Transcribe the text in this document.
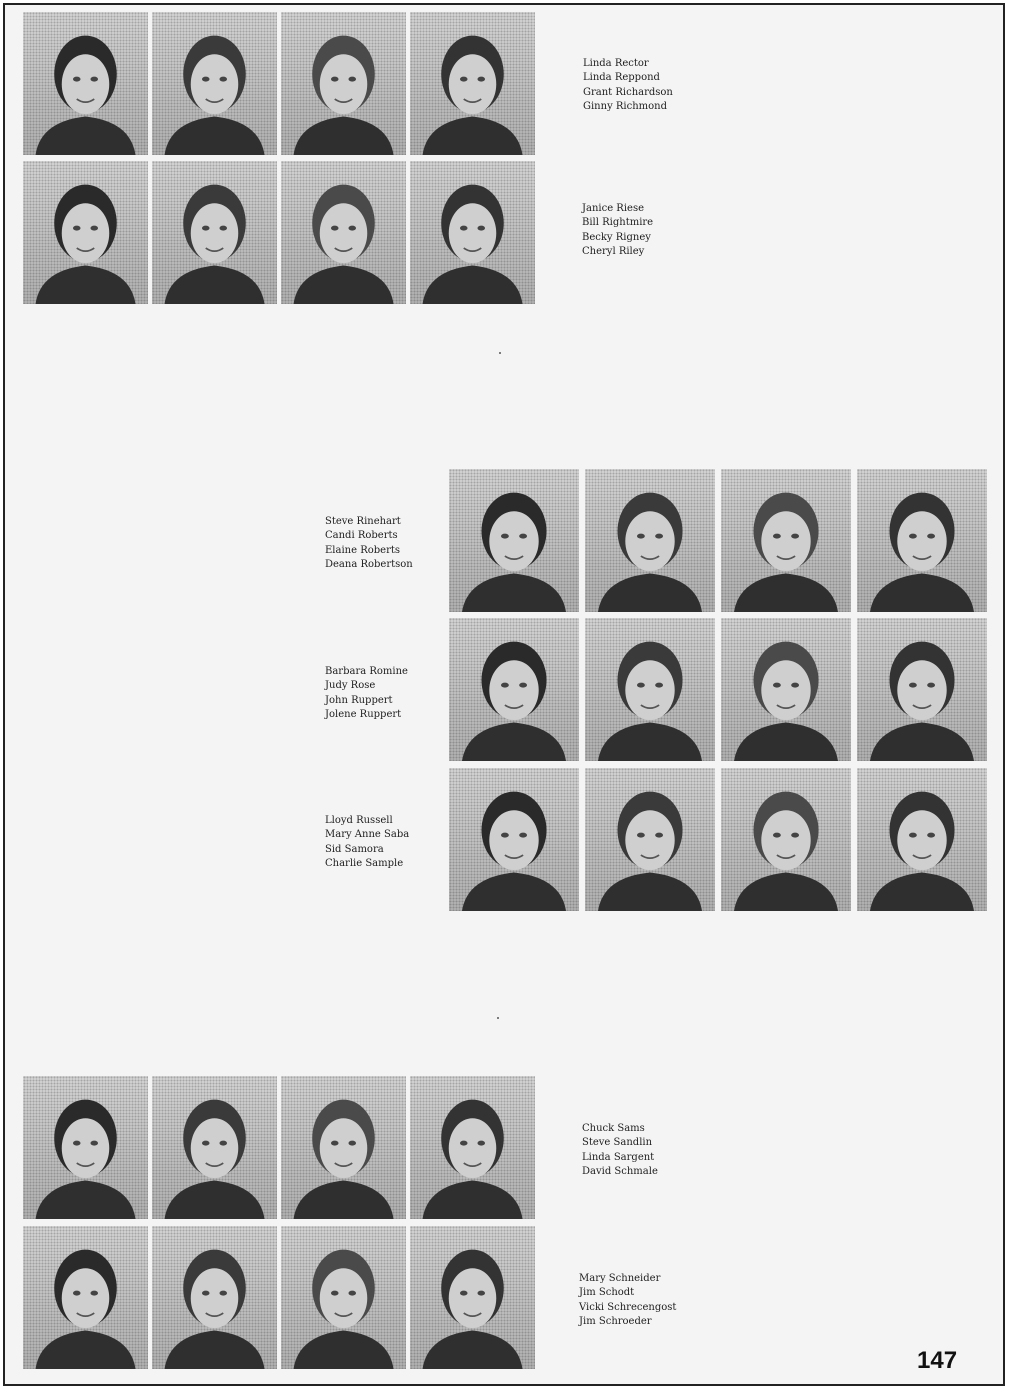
Linda Rector
Linda Reppond
Grant Richardson
Ginny Richmond
Janice Riese
Bill Rightmire
Becky Rigney
Cheryl Riley
Steve Rinehart
Candi Roberts
Elaine Roberts
Deana Robertson
Barbara Romine
Judy Rose
John Ruppert
Jolene Ruppert
Lloyd Russell
Mary Anne Saba
Sid Samora
Charlie Sample
Chuck Sams
Steve Sandlin
Linda Sargent
David Schmale
Mary Schneider
Jim Schodt
Vicki Schrecengost
Jim Schroeder
147
